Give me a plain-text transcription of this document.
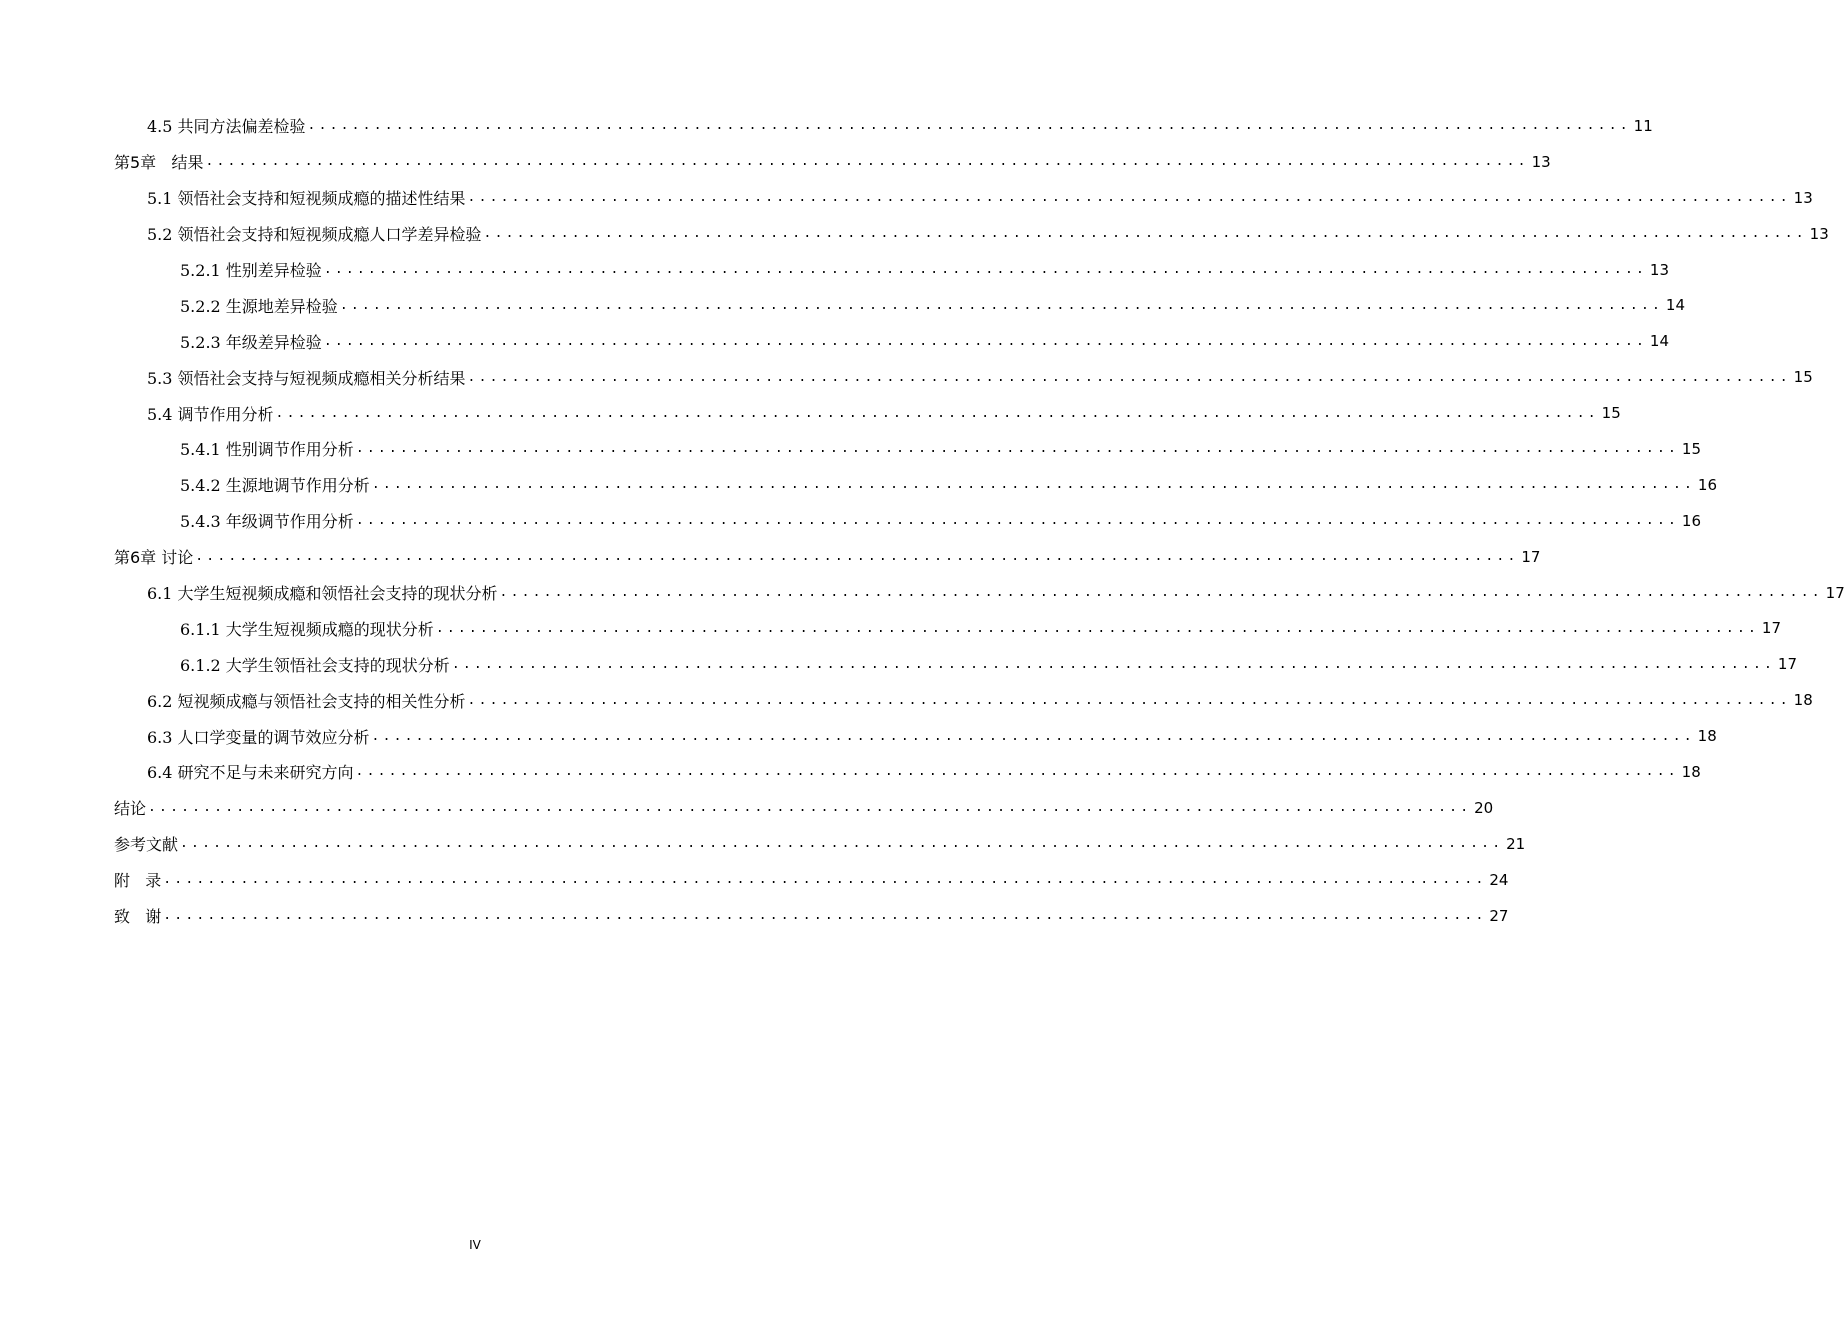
4.5 共同方法偏差检验 ........................................................................................................................ 11
第5章   结果 ........................................................................................................................ 13
5.1 领悟社会支持和短视频成瘾的描述性结果 ........................................................................................................................ 13
5.2 领悟社会支持和短视频成瘾人口学差异检验 ........................................................................................................................ 13
5.2.1 性别差异检验 ........................................................................................................................ 13
5.2.2 生源地差异检验 ........................................................................................................................ 14
5.2.3 年级差异检验 ........................................................................................................................ 14
5.3 领悟社会支持与短视频成瘾相关分析结果 ........................................................................................................................ 15
5.4 调节作用分析 ........................................................................................................................ 15
5.4.1 性别调节作用分析 ........................................................................................................................ 15
5.4.2 生源地调节作用分析 ........................................................................................................................ 16
5.4.3 年级调节作用分析 ........................................................................................................................ 16
第6章 讨论 ........................................................................................................................ 17
6.1 大学生短视频成瘾和领悟社会支持的现状分析 ........................................................................................................................ 17
6.1.1 大学生短视频成瘾的现状分析 ........................................................................................................................ 17
6.1.2 大学生领悟社会支持的现状分析 ........................................................................................................................ 17
6.2 短视频成瘾与领悟社会支持的相关性分析 ........................................................................................................................ 18
6.3 人口学变量的调节效应分析 ........................................................................................................................ 18
6.4 研究不足与未来研究方向 ........................................................................................................................ 18
结论 ........................................................................................................................ 20
参考文献 ........................................................................................................................ 21
附   录 ........................................................................................................................ 24
致   谢 ........................................................................................................................ 27
IV
